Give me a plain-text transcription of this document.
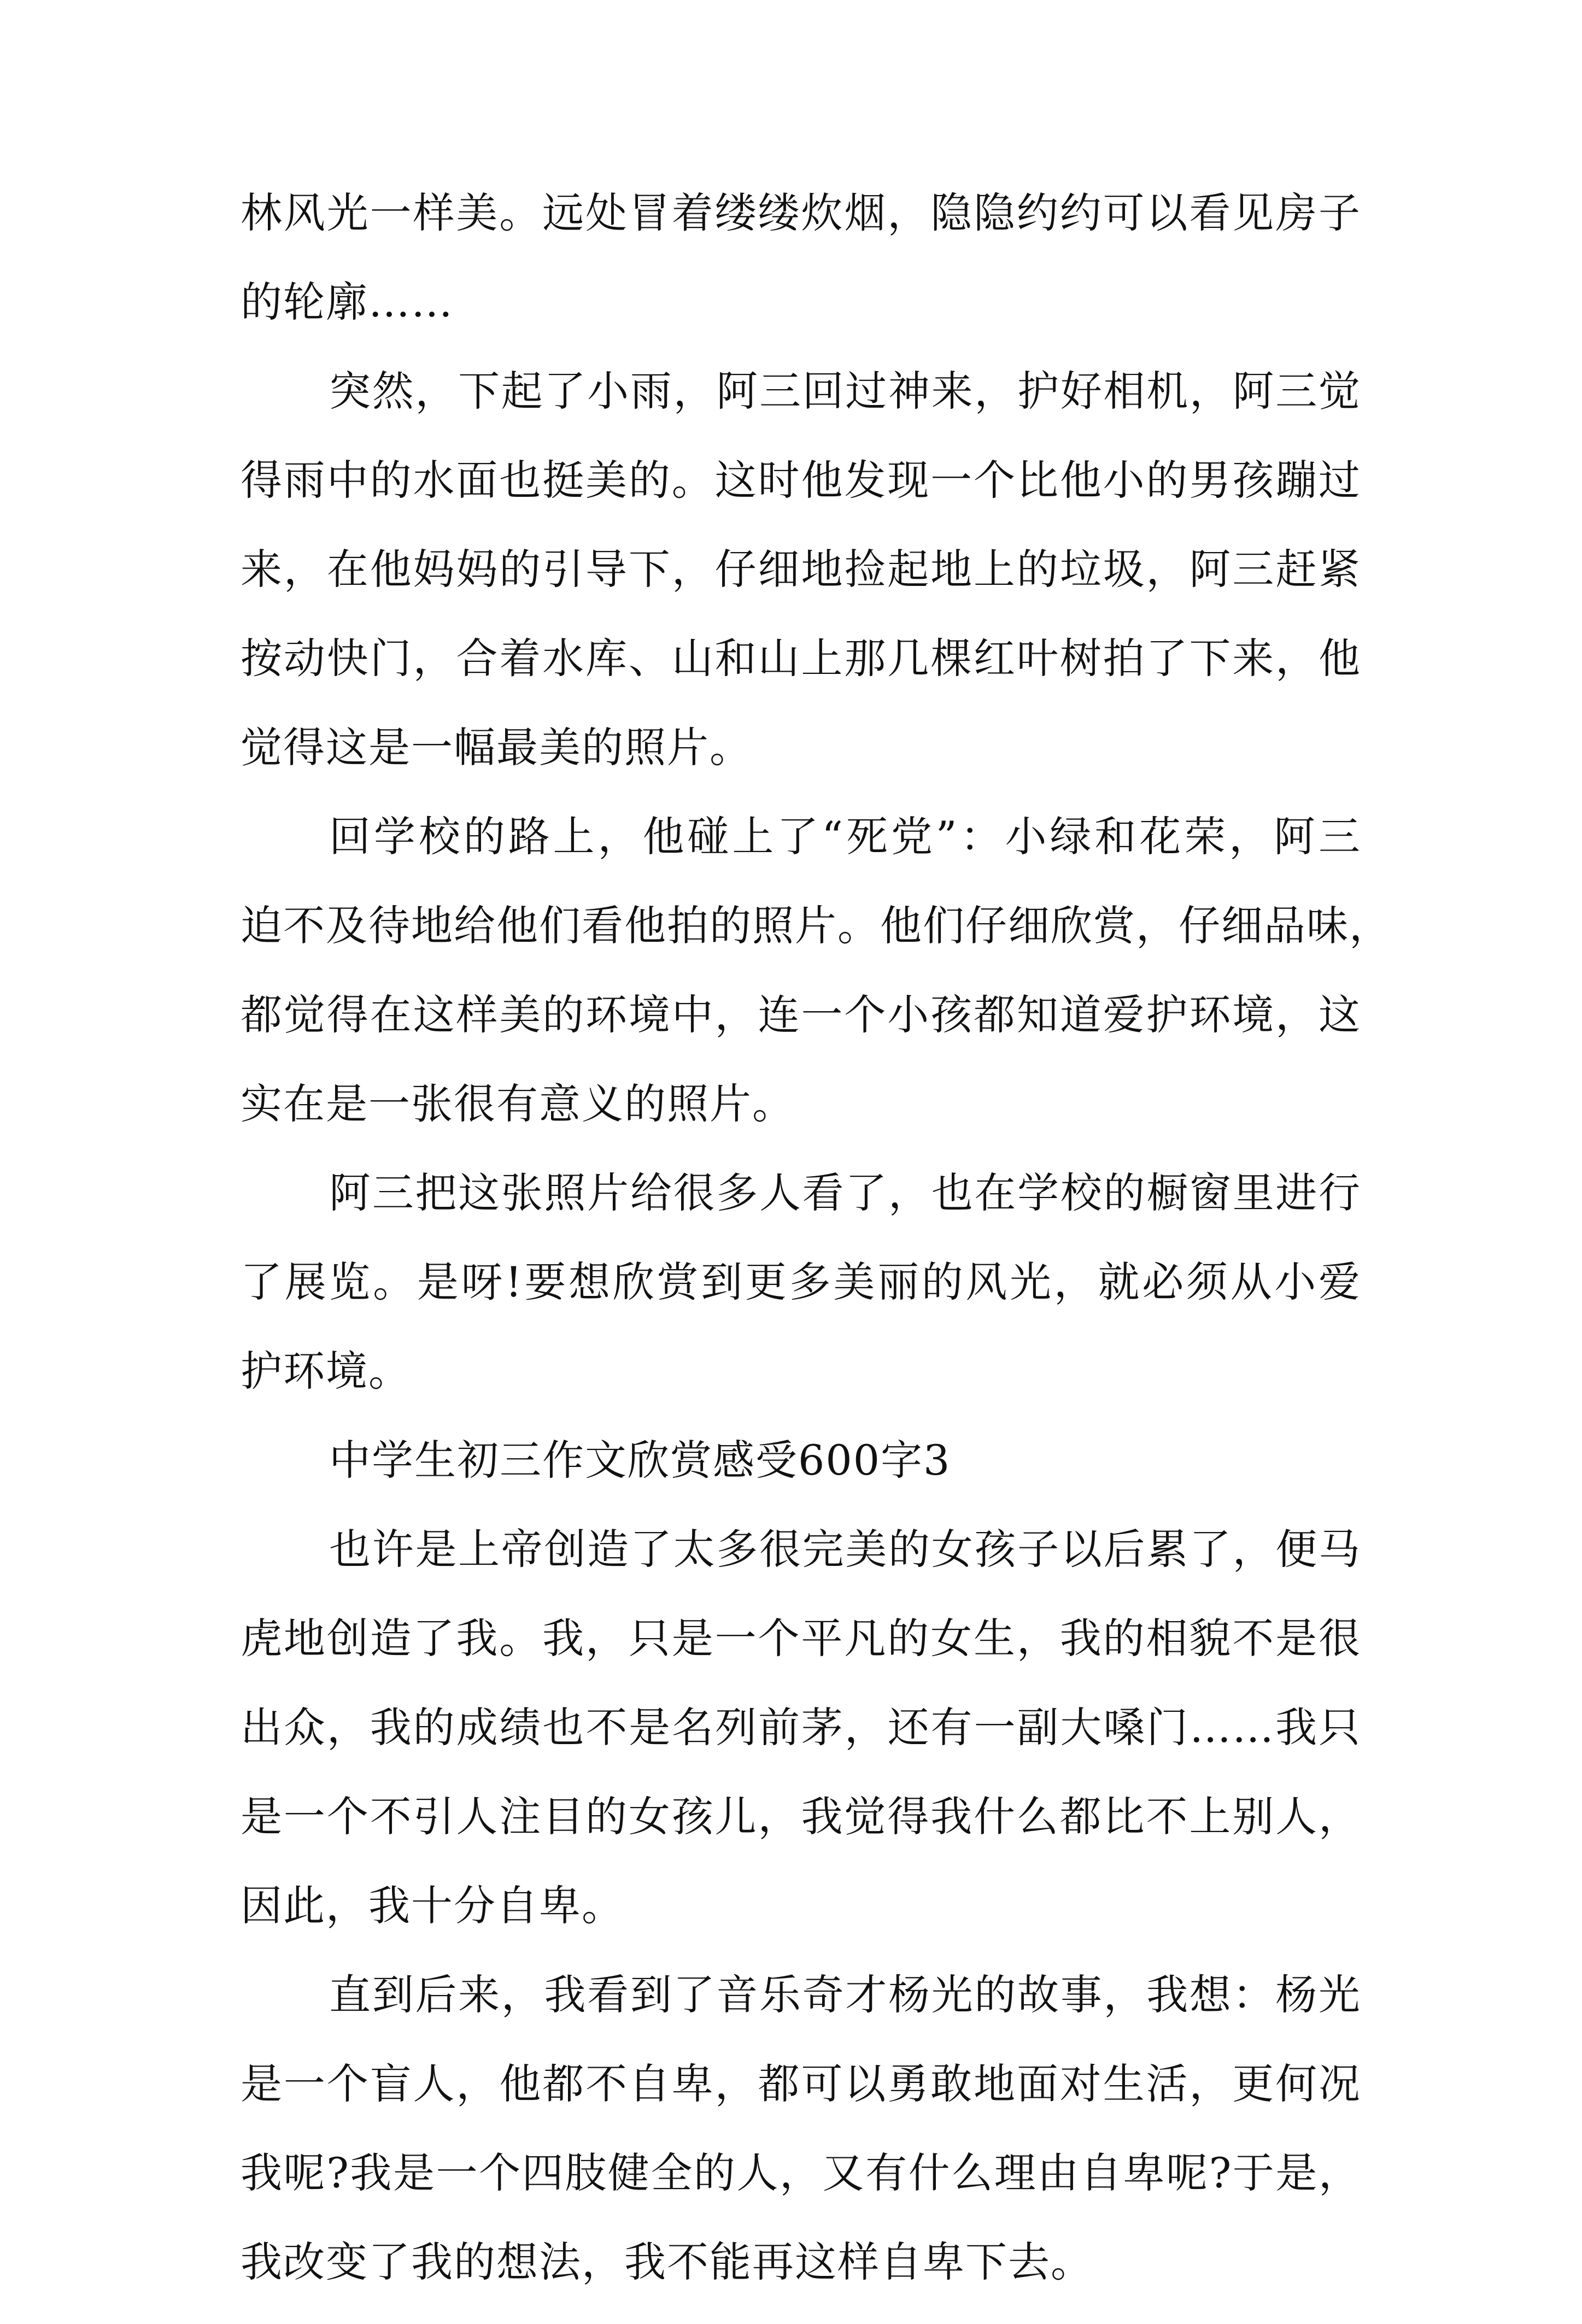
林风光一样美。远处冒着缕缕炊烟，隐隐约约可以看见房子
的轮廓……
突然，下起了小雨，阿三回过神来，护好相机，阿三觉
得雨中的水面也挺美的。这时他发现一个比他小的男孩蹦过
来，在他妈妈的引导下，仔细地捡起地上的垃圾，阿三赶紧
按动快门，合着水库、山和山上那几棵红叶树拍了下来，他
觉得这是一幅最美的照片。
回学校的路上，他碰上了“死党”：小绿和花荣，阿三
迫不及待地给他们看他拍的照片。他们仔细欣赏，仔细品味，
都觉得在这样美的环境中，连一个小孩都知道爱护环境，这
实在是一张很有意义的照片。
阿三把这张照片给很多人看了，也在学校的橱窗里进行
了展览。是呀!要想欣赏到更多美丽的风光，就必须从小爱
护环境。
中学生初三作文欣赏感受600字3
也许是上帝创造了太多很完美的女孩子以后累了，便马
虎地创造了我。我，只是一个平凡的女生，我的相貌不是很
出众，我的成绩也不是名列前茅，还有一副大嗓门……我只
是一个不引人注目的女孩儿，我觉得我什么都比不上别人，
因此，我十分自卑。
直到后来，我看到了音乐奇才杨光的故事，我想：杨光
是一个盲人，他都不自卑，都可以勇敢地面对生活，更何况
我呢?我是一个四肢健全的人，又有什么理由自卑呢?于是，
我改变了我的想法，我不能再这样自卑下去。
